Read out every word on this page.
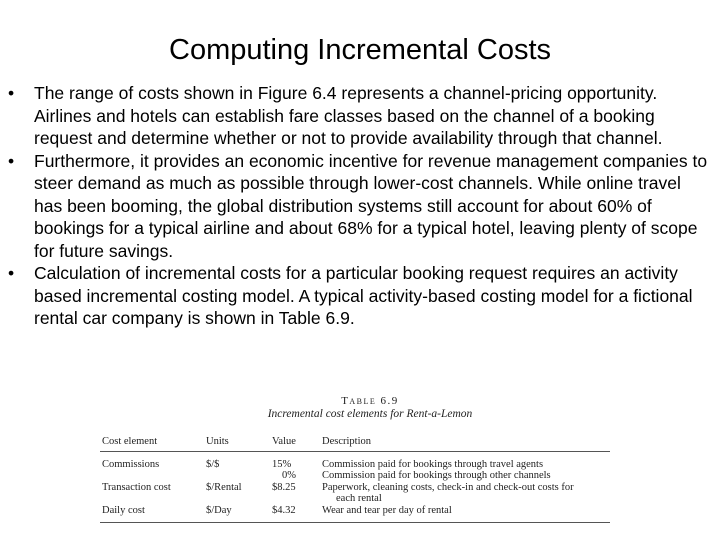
Computing Incremental Costs
•	The range of costs shown in Figure 6.4 represents a channel-pricing opportunity. Airlines and hotels can establish fare classes based on the channel of a booking request and determine whether or not to provide availability through that channel.
•	Furthermore, it provides an economic incentive for revenue management companies to steer demand as much as possible through lower-cost channels. While online travel has been booming, the global distribution systems still account for about 60% of bookings for a typical airline and about 68% for a typical hotel, leaving plenty of scope for future savings.
•	Calculation of incremental costs for a particular booking request requires an activity based incremental costing model. A typical activity-based costing model for a fictional rental car company is shown in Table 6.9.
Table 6.9
Incremental cost elements for Rent-a-Lemon
Cost element	Units	Value	Description
Commissions	$/$	15%	Commission paid for bookings through travel agents
		0%	Commission paid for bookings through other channels
Transaction cost	$/Rental	$8.25	Paperwork, cleaning costs, check-in and check-out costs for
each rental

Daily cost	$/Day	$4.32	Wear and tear per day of rental
